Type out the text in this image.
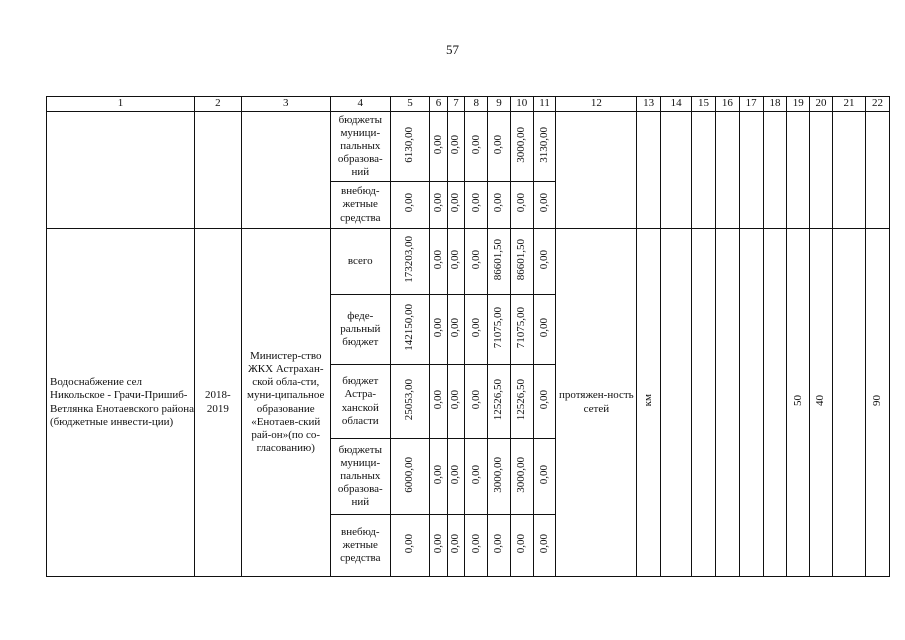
57
1	2	3	4	5	6	7	8	9	10	11	12	13	14	15	16	17	18	19	20	21	22
			бюджеты муници-пальных образова-ний	6130,00	0,00	0,00	0,00	0,00	3000,00	3130,00											
			внебюд-жетные средства	0,00	0,00	0,00	0,00	0,00	0,00	0,00											
Водоснабжение сел Никольское - Грачи-Пришиб- Ветлянка Енотаевского района (бюджетные инвести-ции)	2018-2019	Министер-ство ЖКХ Астрахан-ской обла-сти, муни-ципальное образование «Енотаев-ский рай-он»(по со-гласованию)	всего	173203,00	0,00	0,00	0,00	86601,50	86601,50	0,00	протяжен-ность сетей	км						50	40		90
			феде-ральный бюджет	142150,00	0,00	0,00	0,00	71075,00	71075,00	0,00											
			бюджет Астра-ханской области	25053,00	0,00	0,00	0,00	12526,50	12526,50	0,00											
			бюджеты муници-пальных образова-ний	6000,00	0,00	0,00	0,00	3000,00	3000,00	0,00											
			внебюд-жетные средства	0,00	0,00	0,00	0,00	0,00	0,00	0,00											
